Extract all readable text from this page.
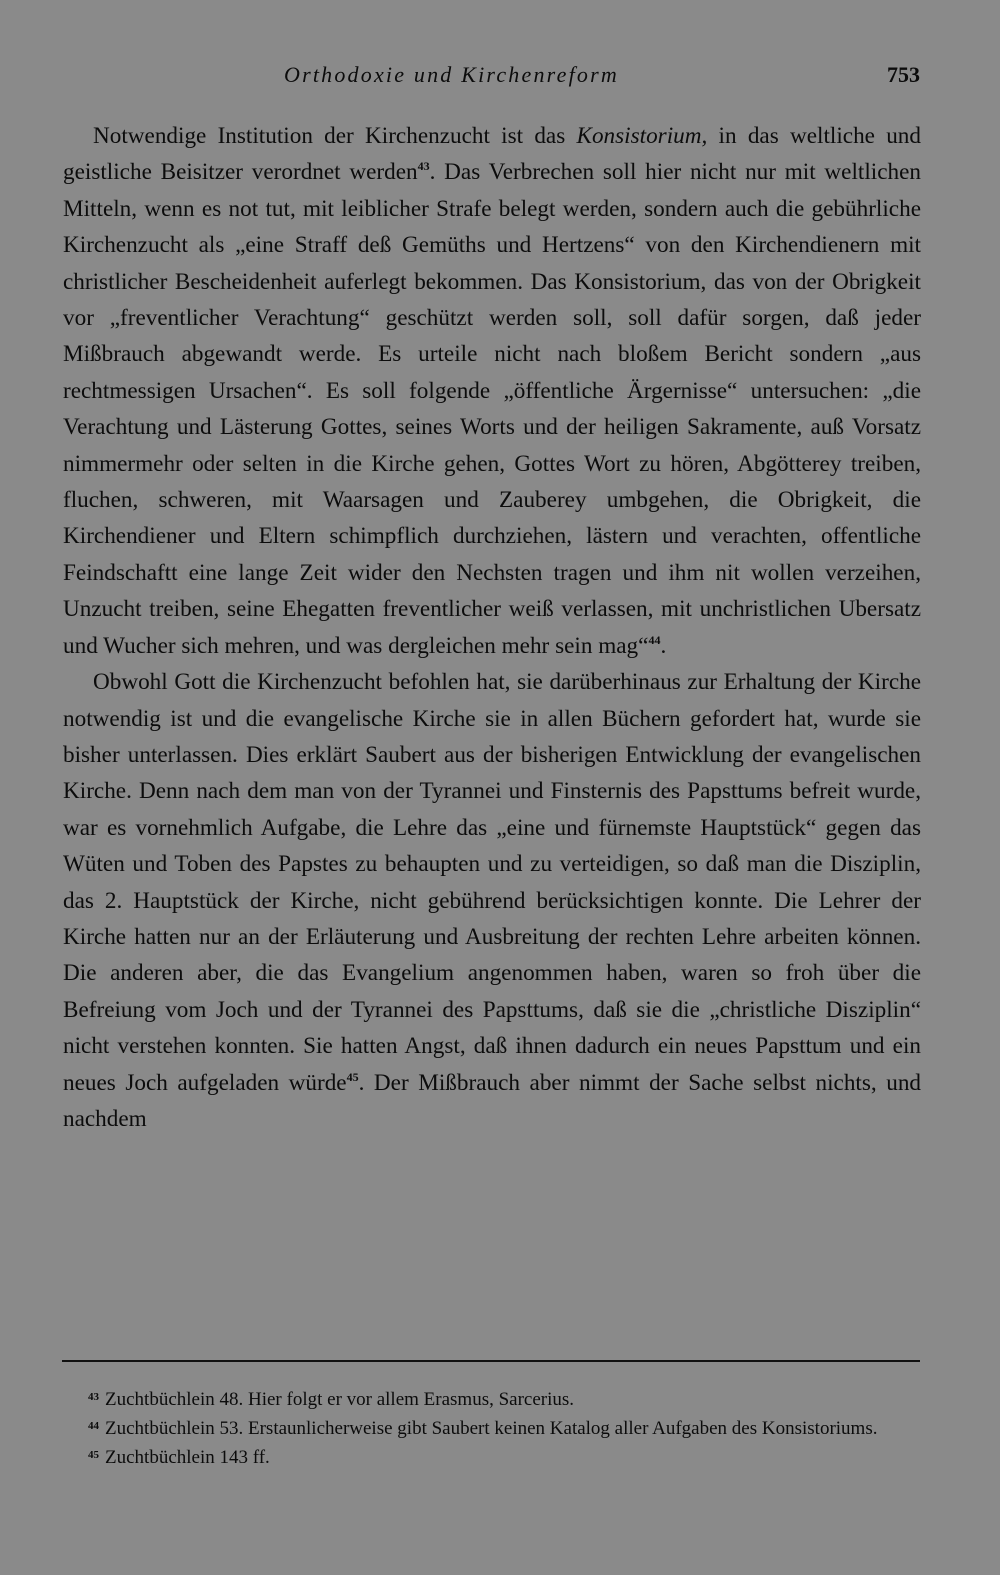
Orthodoxie und Kirchenreform	753

Notwendige Institution der Kirchenzucht ist das Konsistorium, in das weltliche und geistliche Beisitzer verordnet werden$^{43}$. Das Verbrechen soll hier nicht nur mit weltlichen Mitteln, wenn es not tut, mit leiblicher Strafe belegt werden, sondern auch die gebührliche Kirchenzucht als „eine Straff deß Gemüths und Hertzens“ von den Kirchendienern mit christlicher Bescheidenheit auferlegt bekommen. Das Konsistorium, das von der Obrigkeit vor „freventlicher Verachtung“ geschützt werden soll, soll dafür sorgen, daß jeder Mißbrauch abgewandt werde. Es urteile nicht nach bloßem Bericht sondern „aus rechtmessigen Ursachen“. Es soll folgende „öffentliche Ärgernisse“ untersuchen: „die Verachtung und Lästerung Gottes, seines Worts und der heiligen Sakramente, auß Vorsatz nimmermehr oder selten in die Kirche gehen, Gottes Wort zu hören, Abgötterey treiben, fluchen, schweren, mit Waarsagen und Zauberey umbgehen, die Obrigkeit, die Kirchendiener und Eltern schimpflich durchziehen, lästern und verachten, offentliche Feindschaftt eine lange Zeit wider den Nechsten tragen und ihm nit wollen verzeihen, Unzucht treiben, seine Ehegatten freventlicher weiß verlassen, mit unchristlichen Ubersatz und Wucher sich mehren, und was dergleichen mehr sein mag“$^{44}$.

Obwohl Gott die Kirchenzucht befohlen hat, sie darüberhinaus zur Erhaltung der Kirche notwendig ist und die evangelische Kirche sie in allen Büchern gefordert hat, wurde sie bisher unterlassen. Dies erklärt Saubert aus der bisherigen Entwicklung der evangelischen Kirche. Denn nach dem man von der Tyrannei und Finsternis des Papsttums befreit wurde, war es vornehmlich Aufgabe, die Lehre das „eine und fürnemste Hauptstück“ gegen das Wüten und Toben des Papstes zu behaupten und zu verteidigen, so daß man die Disziplin, das 2. Hauptstück der Kirche, nicht gebührend berücksichtigen konnte. Die Lehrer der Kirche hatten nur an der Erläuterung und Ausbreitung der rechten Lehre arbeiten können. Die anderen aber, die das Evangelium angenommen haben, waren so froh über die Befreiung vom Joch und der Tyrannei des Papsttums, daß sie die „christliche Disziplin“ nicht verstehen konnten. Sie hatten Angst, daß ihnen dadurch ein neues Papsttum und ein neues Joch aufgeladen würde$^{45}$. Der Mißbrauch aber nimmt der Sache selbst nichts, und nachdem

$^{43}$ Zuchtbüchlein 48. Hier folgt er vor allem Erasmus, Sarcerius.

$^{44}$ Zuchtbüchlein 53. Erstaunlicherweise gibt Saubert keinen Katalog aller Aufgaben des Konsistoriums.

$^{45}$ Zuchtbüchlein 143 ff.
